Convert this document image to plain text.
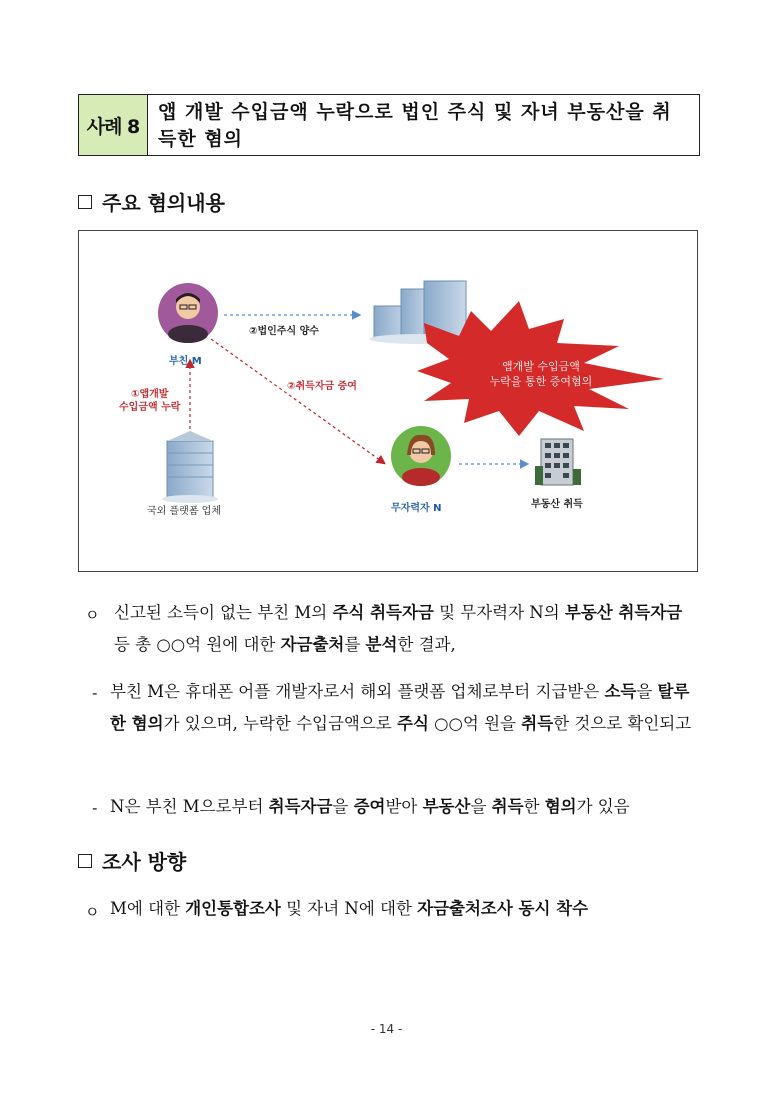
사례 8
앱 개발 수입금액 누락으로 법인 주식 및 자녀 부동산을 취득한 혐의
주요 혐의내용
부친 M
무자력자 N
국외 플랫폼 업체
부동산 취득
②법인주식 양수
②취득자금 증여
①앱개발
수입금액 누락
앱개발 수입금액
누락을 통한 증여혐의
ㅇ 신고된 소득이 없는 부친 M의 주식 취득자금 및 무자력자 N의 부동산 취득자금 등 총 ○○억 원에 대한 자금출처를 분석한 결과,
- 부친 M은 휴대폰 어플 개발자로서 해외 플랫폼 업체로부터 지급받은 소득을 탈루한 혐의가 있으며, 누락한 수입금액으로 주식 ○○억 원을 취득한 것으로 확인되고
- N은 부친 M으로부터 취득자금을 증여받아 부동산을 취득한 혐의가 있음
조사 방향
ㅇ M에 대한 개인통합조사 및 자녀 N에 대한 자금출처조사 동시 착수
- 14 -
